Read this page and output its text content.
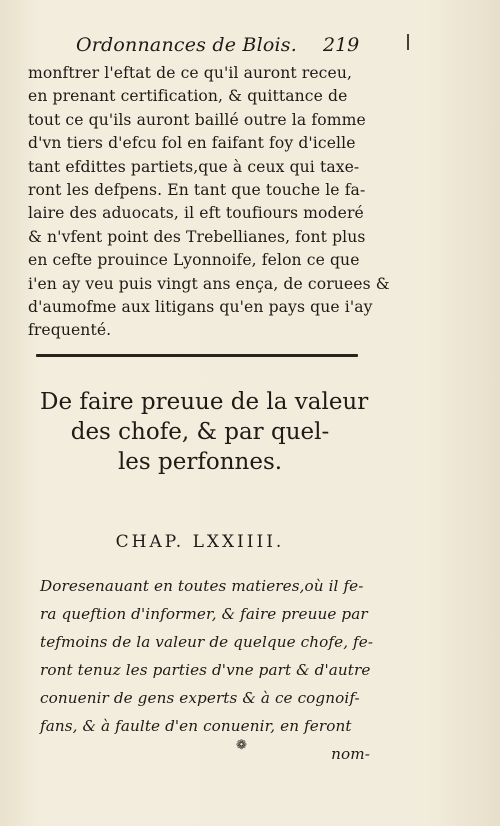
Ordonnances de Blois. 219
monftrer l'eftat de ce qu'il auront receu,
en prenant certification, & quittance de
tout ce qu'ils auront baillé outre la fomme
d'vn tiers d'efcu fol en faifant foy d'icelle
tant efdittes partiets,que à ceux qui taxe-
ront les defpens. En tant que touche le fa-
laire des aduocats, il eft toufiours moderé
& n'vfent point des Trebellianes, font plus
en cefte prouince Lyonnoife, felon ce que
i'en ay veu puis vingt ans ença, de coruees &
d'aumofme aux litigans qu'en pays que i'ay
frequenté.
De faire preuue de la valeur
des chofe, & par quel-
les perfonnes.
CHAP. LXXIIII.
Doresenauant en toutes matieres,où il fe-
ra queftion d'informer, & faire preuue par
tefmoins de la valeur de quelque chofe, fe-
ront tenuz les parties d'vne part & d'autre
conuenir de gens experts & à ce cognoif-
fans, & à faulte d'en conuenir, en feront
nom-
❁
